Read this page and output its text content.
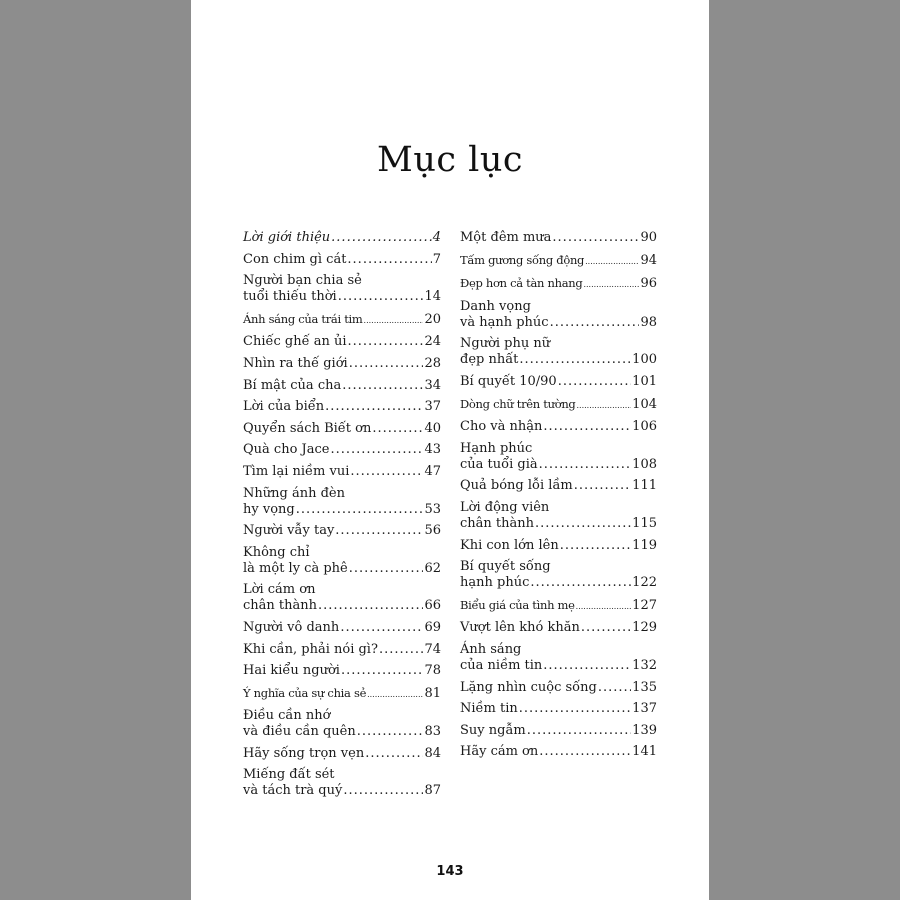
Mục lục
Lời giới thiệu .....	4
Con chim gì cát .....	7
Người bạn chia sẻ
tuổi thiếu thời .....	14
Ánh sáng của trái tim .....	20
Chiếc ghế an ủi .....	24
Nhìn ra thế giới .....	28
Bí mật của cha .....	34
Lời của biển .....	37
Quyển sách Biết ơn .....	40
Quà cho Jace .....	43
Tìm lại niềm vui .....	47
Những ánh đèn
hy vọng .....	53
Người vẫy tay .....	56
Không chỉ
là một ly cà phê .....	62
Lời cám ơn
chân thành .....	66
Người vô danh .....	69
Khi cần, phải nói gì? .....	74
Hai kiểu người .....	78
Ý nghĩa của sự chia sẻ .....	81
Điều cần nhớ
và điều cần quên .....	83
Hãy sống trọn vẹn .....	84
Miếng đất sét
và tách trà quý .....	87
Một đêm mưa .....	90
Tấm gương sống động .....	94
Đẹp hơn cả tàn nhang .....	96
Danh vọng
và hạnh phúc .....	98
Người phụ nữ
đẹp nhất .....	100
Bí quyết 10/90 .....	101
Dòng chữ trên tường .....	104
Cho và nhận .....	106
Hạnh phúc
của tuổi già .....	108
Quả bóng lỗi lầm .....	111
Lời động viên
chân thành .....	115
Khi con lớn lên .....	119
Bí quyết sống
hạnh phúc .....	122
Biểu giá của tình mẹ .....	127
Vượt lên khó khăn .....	129
Ánh sáng
của niềm tin .....	132
Lặng nhìn cuộc sống .....	135
Niềm tin .....	137
Suy ngẫm .....	139
Hãy cám ơn .....	141
143
